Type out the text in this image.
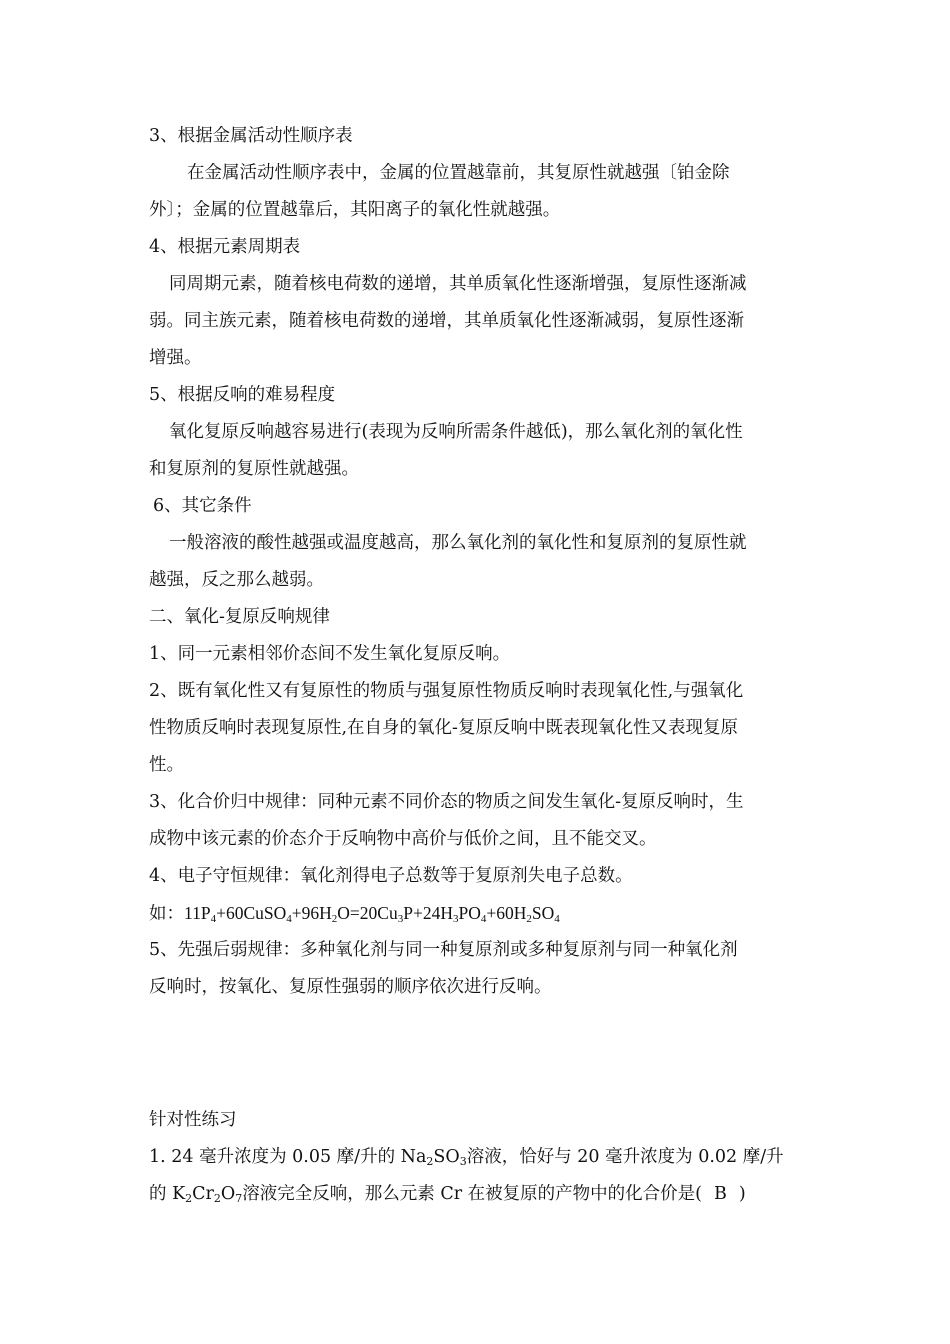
3、根据金属活动性顺序表
在金属活动性顺序表中，金属的位置越靠前，其复原性就越强〔铂金除
外〕；金属的位置越靠后，其阳离子的氧化性就越强。
4、根据元素周期表
同周期元素，随着核电荷数的递增，其单质氧化性逐渐增强，复原性逐渐减
弱。同主族元素，随着核电荷数的递增，其单质氧化性逐渐减弱，复原性逐渐
增强。
5、根据反响的难易程度
氧化复原反响越容易进行(表现为反响所需条件越低)，那么氧化剂的氧化性
和复原剂的复原性就越强。
6、其它条件
一般溶液的酸性越强或温度越高，那么氧化剂的氧化性和复原剂的复原性就
越强，反之那么越弱。
二、氧化-复原反响规律
1、同一元素相邻价态间不发生氧化复原反响。
2、既有氧化性又有复原性的物质与强复原性物质反响时表现氧化性,与强氧化
性物质反响时表现复原性,在自身的氧化-复原反响中既表现氧化性又表现复原
性。
3、化合价归中规律：同种元素不同价态的物质之间发生氧化-复原反响时，生
成物中该元素的价态介于反响物中高价与低价之间，且不能交叉。
4、电子守恒规律：氧化剂得电子总数等于复原剂失电子总数。
如：$11P_4+60CuSO_4+96H_2O=20Cu_3P+24H_3PO_4+60H_2SO_4$
5、先强后弱规律：多种氧化剂与同一种复原剂或多种复原剂与同一种氧化剂
反响时，按氧化、复原性强弱的顺序依次进行反响。
针对性练习
1. 24 毫升浓度为 0.05 摩/升的 $Na_2SO_3$溶液，恰好与 20 毫升浓度为 0.02 摩/升
的 $K_2Cr_2O_7$溶液完全反响，那么元素 Cr 在被复原的产物中的化合价是( B )
